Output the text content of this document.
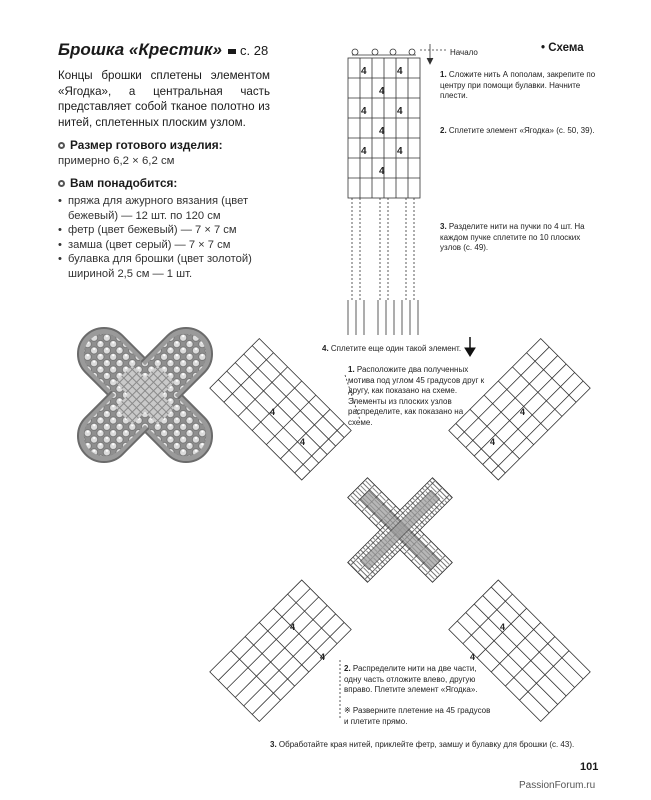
Брошка «Крестик»	с. 28
Концы брошки сплетены элементом «Ягодка», а центральная часть представляет собой тканое полотно из нитей, сплетенных плоским узлом.
Размер готового изделия:
примерно 6,2 × 6,2 см
Вам понадобится:
• пряжа для ажурного вязания (цвет бежевый) — 12 шт. по 120 см
• фетр (цвет бежевый) — 7 × 7 см
• замша (цвет серый) — 7 × 7 см
• булавка для брошки (цвет золотой) шириной 2,5 см — 1 шт.
4	4
4
4	4
4
4	4
4
4
4
4
4
4
4
4
4
• Схема
Начало
1. Сложите нить А пополам, закрепите по центру при помощи булавки. Начните плести.
2. Сплетите элемент «Ягодка» (с. 50, 39).
3. Разделите нити на пучки по 4 шт. На каждом пучке сплетите по 10 плоских узлов (с. 49).
4. Сплетите еще один такой элемент.
1. Расположите два полученных мотива под углом 45 градусов друг к другу, как показано на схеме. Элементы из плоских узлов распределите, как показано на схеме.
2. Распределите нити на две части, одну часть отложите влево, другую вправо. Плетите элемент «Ягодка».
※ Разверните плетение на 45 градусов и плетите прямо.
3. Обработайте края нитей, приклейте фетр, замшу и булавку для брошки (с. 43).
101
PassionForum.ru
